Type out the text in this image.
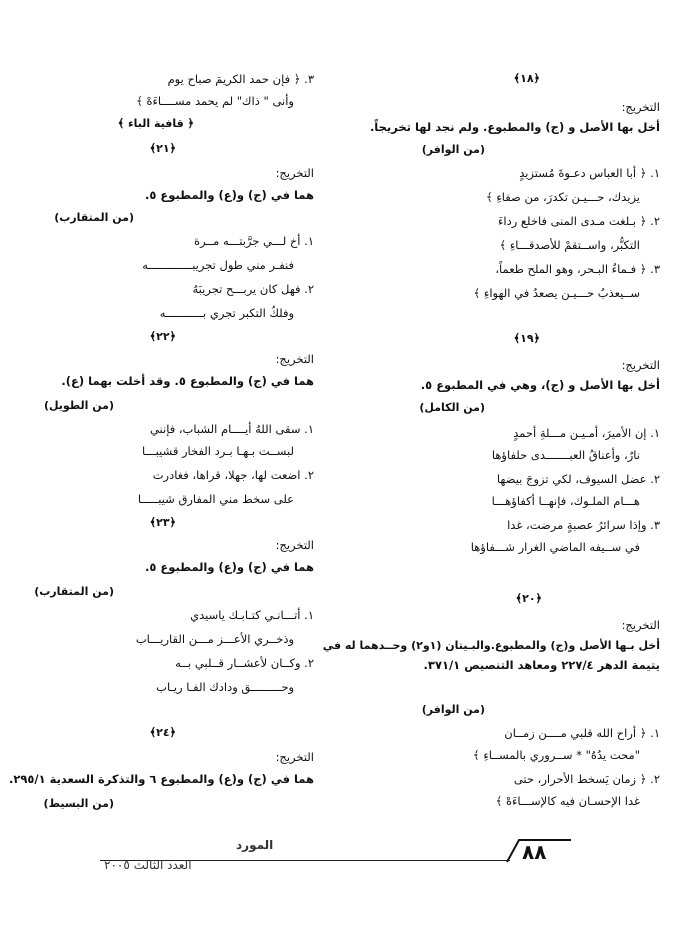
﴿١٨﴾
التخريج:
أخل بها الأصل و (ج) والمطبوع. ولم نجد لها تخريجاً.
(من الوافر)
١. ﴿ أبا العباس دعـوةَ مُستزيدٍ
يزيدك، حـــيـن تكدرَ، من صفاءِ ﴾
٢. ﴿ بـلغت مـدى المنى فاخلع رداءَ
التكبُّر، واســتقمْ للأصدقـــاءِ ﴾
٣. ﴿ فـماءُ البـحر، وهو الملح طعماً،
ســيعذبُ حـــيـن يصعدُ في الهواءِ ﴾
﴿١٩﴾
التخريج:
أخل بها الأصل و (ج)، وهي في المطبوع ٥.
(من الكامل)
١. إن الأميرَ، أمـيـن مـــلةِ أحمدٍ
نارٌ، وأعناقُ العبـــــــدى حلفاؤها
٢. عضل السيوف، لكي تزوجَ بيضها
هـــام الملـوك، فإنهــا أكفاؤهـــا
٣. وإذا سرائرُ عصبةٍ مرضت، غدا
في ســيفه الماضي الغرار شـــفاؤها
﴿٢٠﴾
التخريج:
أخل بـها الأصل و(ج) والمطبوع.والبـيتان (١و٢) وحــدهما له في
يتيمة الدهر ٢٢٧/٤ ومعاهد التنصيص ٣٧١/١.
(من الوافر)
١. ﴿ أراح الله قلبي مــــن زمــان
"محت يدُهُ" * ســروري بالمســاءِ ﴾
٢. ﴿ زمان يَسخط الأحرار، حتى
غدا الإحسـان فيه كالإســـاءَهْ ﴾
٣. ﴿ فإن حمد الكريمَ صباح يوم
وأنى " ذاك" لم يحمد مســــاءَهْ ﴾
﴿ قافية الباء ﴾
﴿٢١﴾
التخريج:
هما في (ج) و(ع) والمطبوع ٥.
(من المتقارب)
١. أخ لـــي جرَّبتـــه مــرة
فنفـر مني طول تجريبـــــــــــــه
٢. فهل كان يربـــح تجريبَهُ
وفلكُ التكبر تجري بـــــــــــه
﴿٢٢﴾
التخريج:
هما في (ج) والمطبوع ٥. وقد أخلت بهما (ع).
(من الطويل)
١. سقى اللهُ أيــــام الشباب، فإنني
لبســت بـهـا بـرد الفخار قشيبـــا
٢. اضعت لها، جهلا، قراها، فغادرت
على سخط مني المفارق شيبـــــا
﴿٢٣﴾
التخريج:
هما في (ج) و(ع) والمطبوع ٥.
(من المتقارب)
١. أتـــانـي كتـابـك ياسيدي
وذخــري الأعـــز مـــن القاريـــاب
٢. وكــان لأعشــار قــلبي بــه
وحـــــــــق ودادك الفـا ريـاب
﴿٢٤﴾
التخريج:
هما في (ج) و(ع) والمطبوع ٦ والتذكرة السعدية ٢٩٥/١.
(من البسيط)
٨٨
المورد
العدد الثالث ٢٠٠٥
